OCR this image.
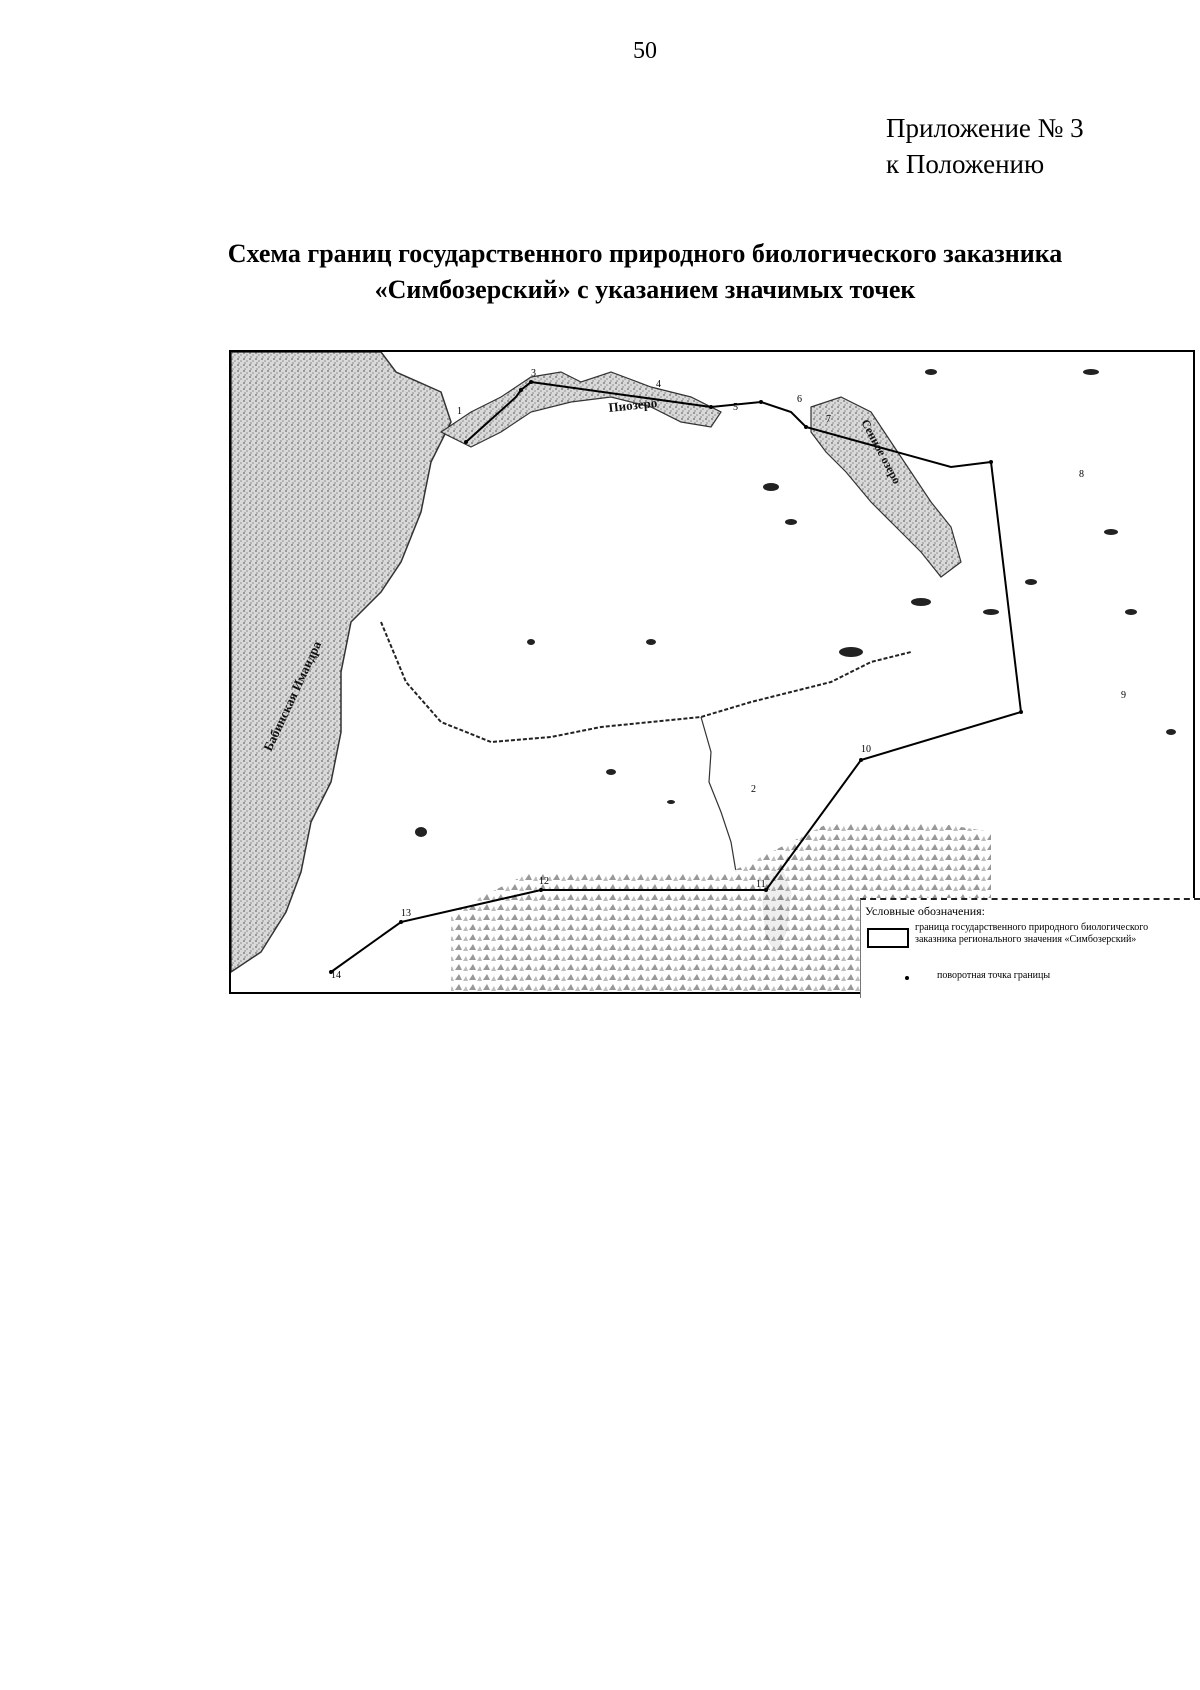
50
Приложение № 3
к Положению
Схема границ государственного природного биологического заказника
«Симбозерский» с указанием значимых точек
1
2
3
4
5
6
7
8
9
10
11
12
13
14
Пиозеро
Сенное озеро
Бабинская Имандра
Условные обозначения:
граница государственного природного биологического заказника регионального значения «Симбозерский»
поворотная точка границы
